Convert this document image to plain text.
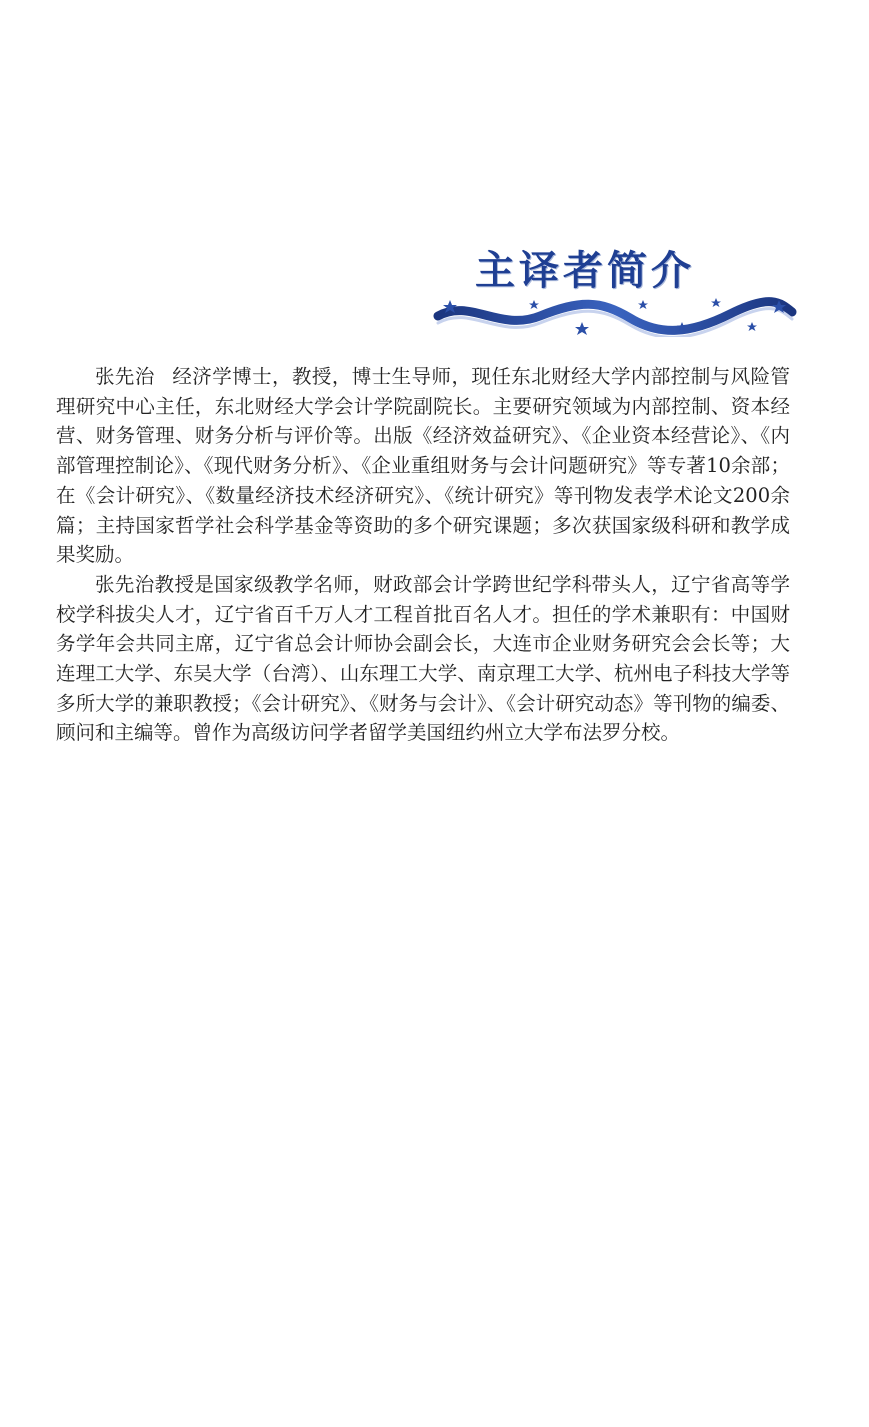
主译者简介

张先治 经济学博士，教授，博士生导师，现任东北财经大学内部控制与风险管理研究中心主任，东北财经大学会计学院副院长。主要研究领域为内部控制、资本经营、财务管理、财务分析与评价等。出版《经济效益研究》、《企业资本经营论》、《内部管理控制论》、《现代财务分析》、《企业重组财务与会计问题研究》等专著10余部；在《会计研究》、《数量经济技术经济研究》、《统计研究》等刊物发表学术论文200余篇；主持国家哲学社会科学基金等资助的多个研究课题；多次获国家级科研和教学成果奖励。

张先治教授是国家级教学名师，财政部会计学跨世纪学科带头人，辽宁省高等学校学科拔尖人才，辽宁省百千万人才工程首批百名人才。担任的学术兼职有：中国财务学年会共同主席，辽宁省总会计师协会副会长，大连市企业财务研究会会长等；大连理工大学、东吴大学（台湾）、山东理工大学、南京理工大学、杭州电子科技大学等多所大学的兼职教授；《会计研究》、《财务与会计》、《会计研究动态》等刊物的编委、顾问和主编等。曾作为高级访问学者留学美国纽约州立大学布法罗分校。
